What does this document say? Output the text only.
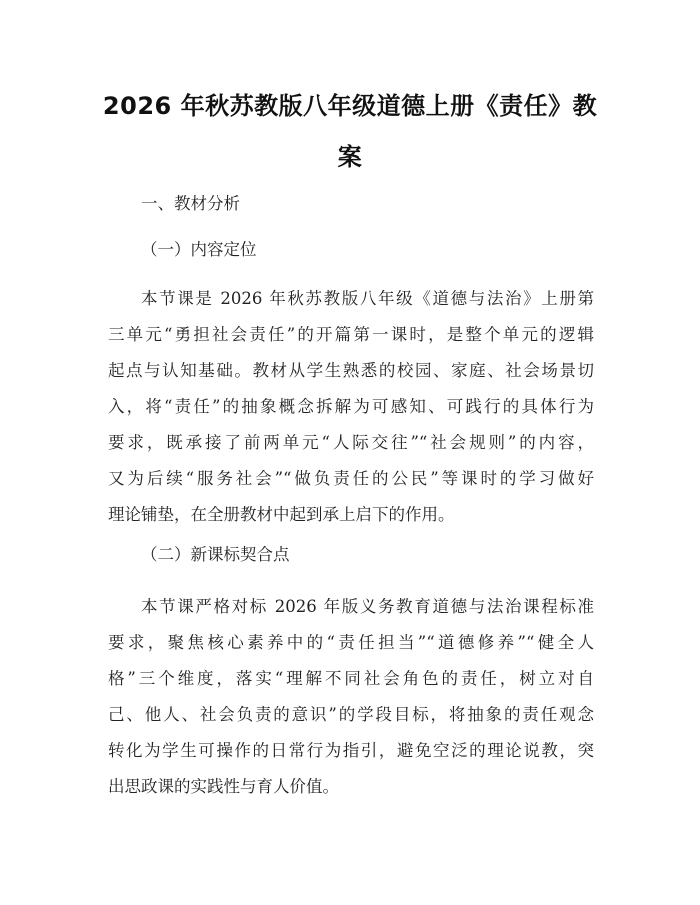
2026 年秋苏教版八年级道德上册《责任》教
案
一、教材分析
（一）内容定位
本节课是 2026 年秋苏教版八年级《道德与法治》上册第
三单元“勇担社会责任”的开篇第一课时，是整个单元的逻辑
起点与认知基础。教材从学生熟悉的校园、家庭、社会场景切
入，将“责任”的抽象概念拆解为可感知、可践行的具体行为
要求，既承接了前两单元“人际交往”“社会规则”的内容，
又为后续“服务社会”“做负责任的公民”等课时的学习做好
理论铺垫，在全册教材中起到承上启下的作用。
（二）新课标契合点
本节课严格对标 2026 年版义务教育道德与法治课程标准
要求，聚焦核心素养中的“责任担当”“道德修养”“健全人
格”三个维度，落实“理解不同社会角色的责任，树立对自
己、他人、社会负责的意识”的学段目标，将抽象的责任观念
转化为学生可操作的日常行为指引，避免空泛的理论说教，突
出思政课的实践性与育人价值。
